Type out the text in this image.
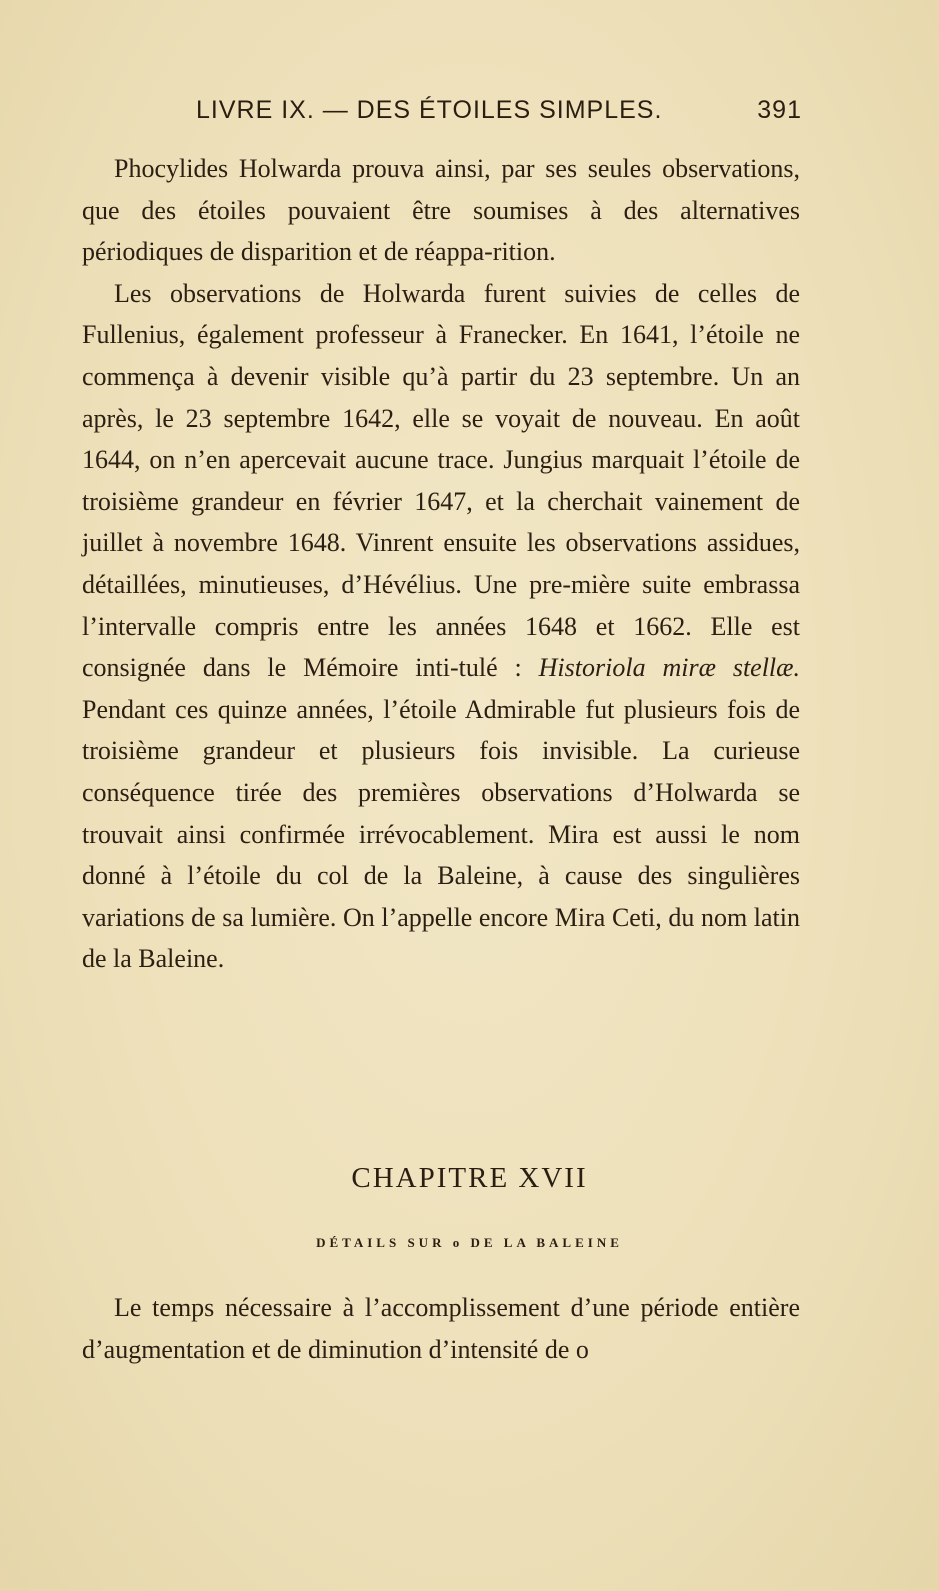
LIVRE IX. — DES ÉTOILES SIMPLES.	391

Phocylides Holwarda prouva ainsi, par ses seules observations, que des étoiles pouvaient être soumises à des alternatives périodiques de disparition et de réappa-rition.

Les observations de Holwarda furent suivies de celles de Fullenius, également professeur à Franecker. En 1641, l’étoile ne commença à devenir visible qu’à partir du 23 septembre. Un an après, le 23 septembre 1642, elle se voyait de nouveau. En août 1644, on n’en apercevait aucune trace. Jungius marquait l’étoile de troisième grandeur en février 1647, et la cherchait vainement de juillet à novembre 1648. Vinrent ensuite les observations assidues, détaillées, minutieuses, d’Hévélius. Une pre-mière suite embrassa l’intervalle compris entre les années 1648 et 1662. Elle est consignée dans le Mémoire inti-tulé : Historiola miræ stellæ. Pendant ces quinze années, l’étoile Admirable fut plusieurs fois de troisième grandeur et plusieurs fois invisible. La curieuse conséquence tirée des premières observations d’Holwarda se trouvait ainsi confirmée irrévocablement. Mira est aussi le nom donné à l’étoile du col de la Baleine, à cause des singulières variations de sa lumière. On l’appelle encore Mira Ceti, du nom latin de la Baleine.

CHAPITRE XVII
DÉTAILS SUR o DE LA BALEINE

Le temps nécessaire à l’accomplissement d’une période entière d’augmentation et de diminution d’intensité de o
